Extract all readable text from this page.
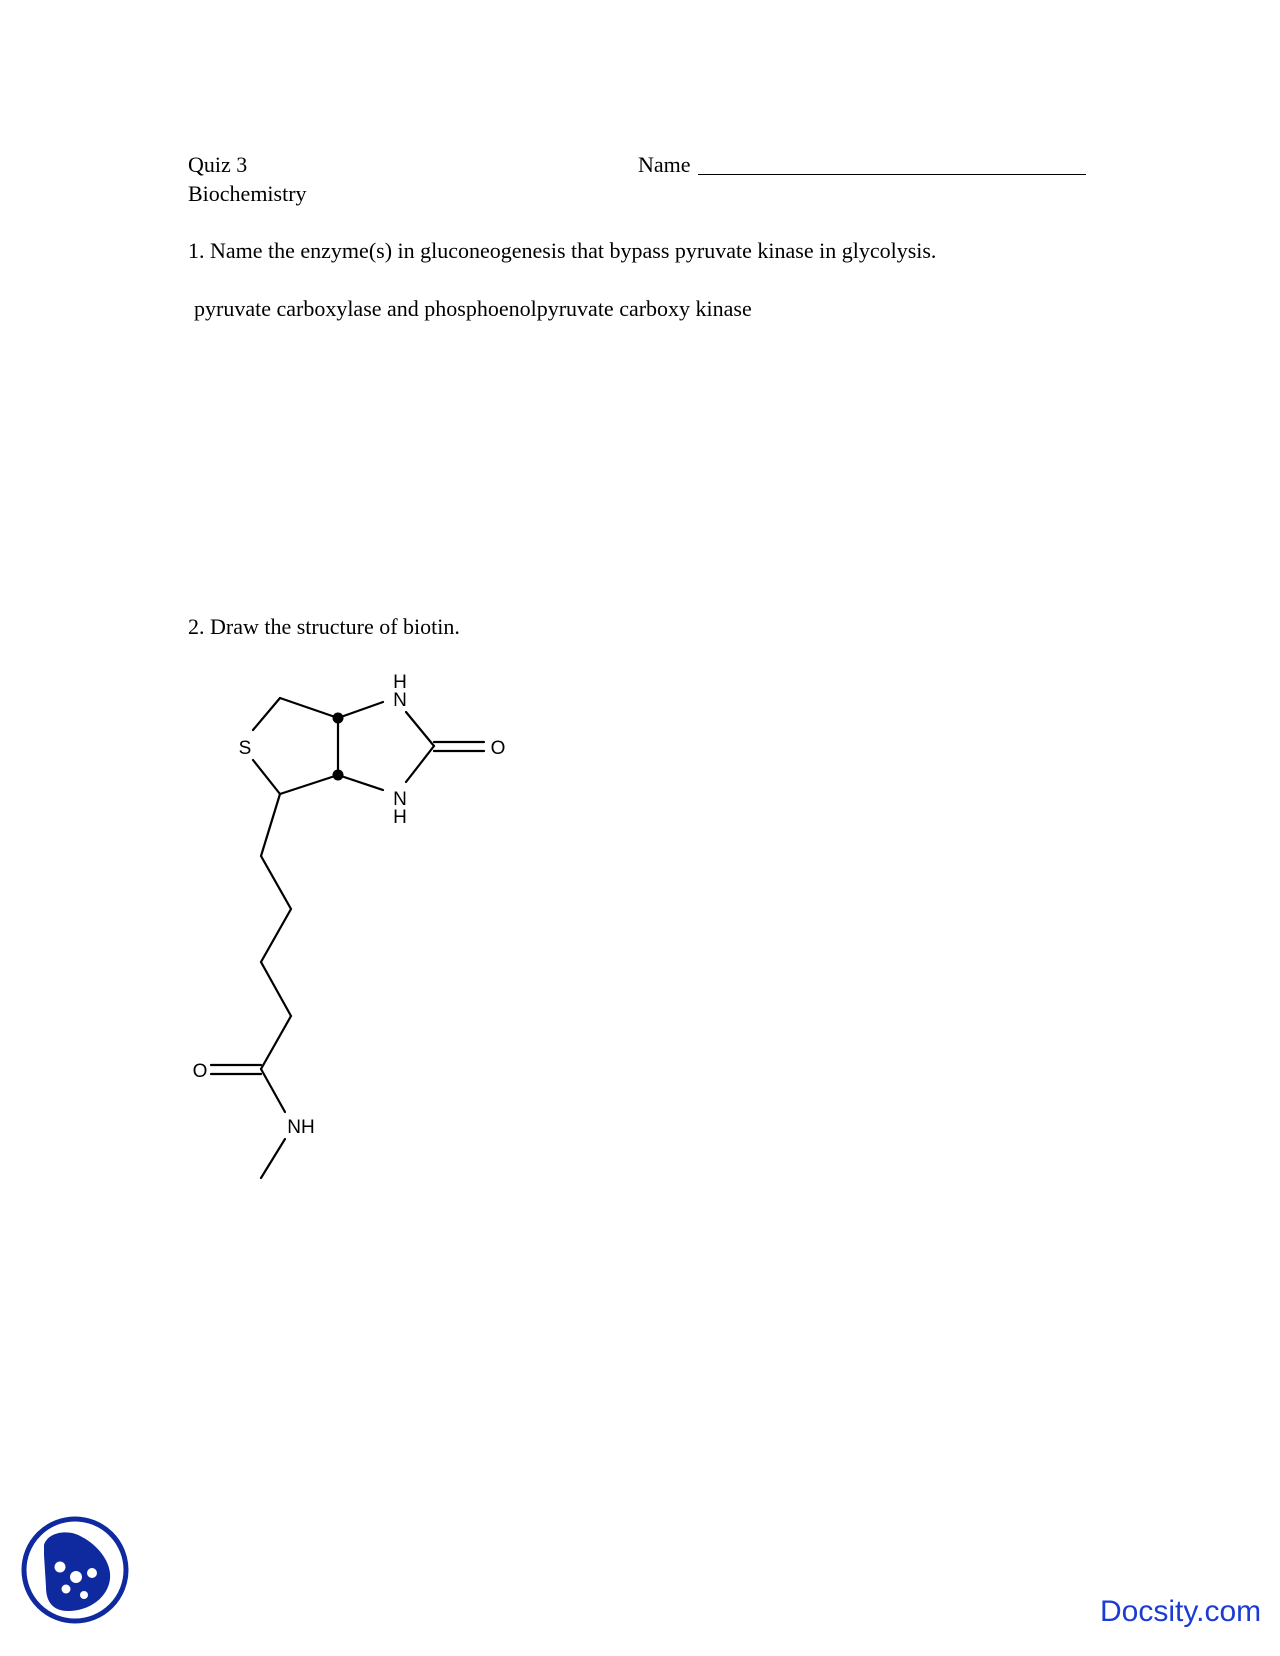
Quiz 3
Biochemistry
Name
1. Name the enzyme(s) in gluconeogenesis that bypass pyruvate kinase in glycolysis.
pyruvate carboxylase and phosphoenolpyruvate carboxy kinase
2. Draw the structure of biotin.
H
N
S	O
N
H
O
NH
Docsity.com
